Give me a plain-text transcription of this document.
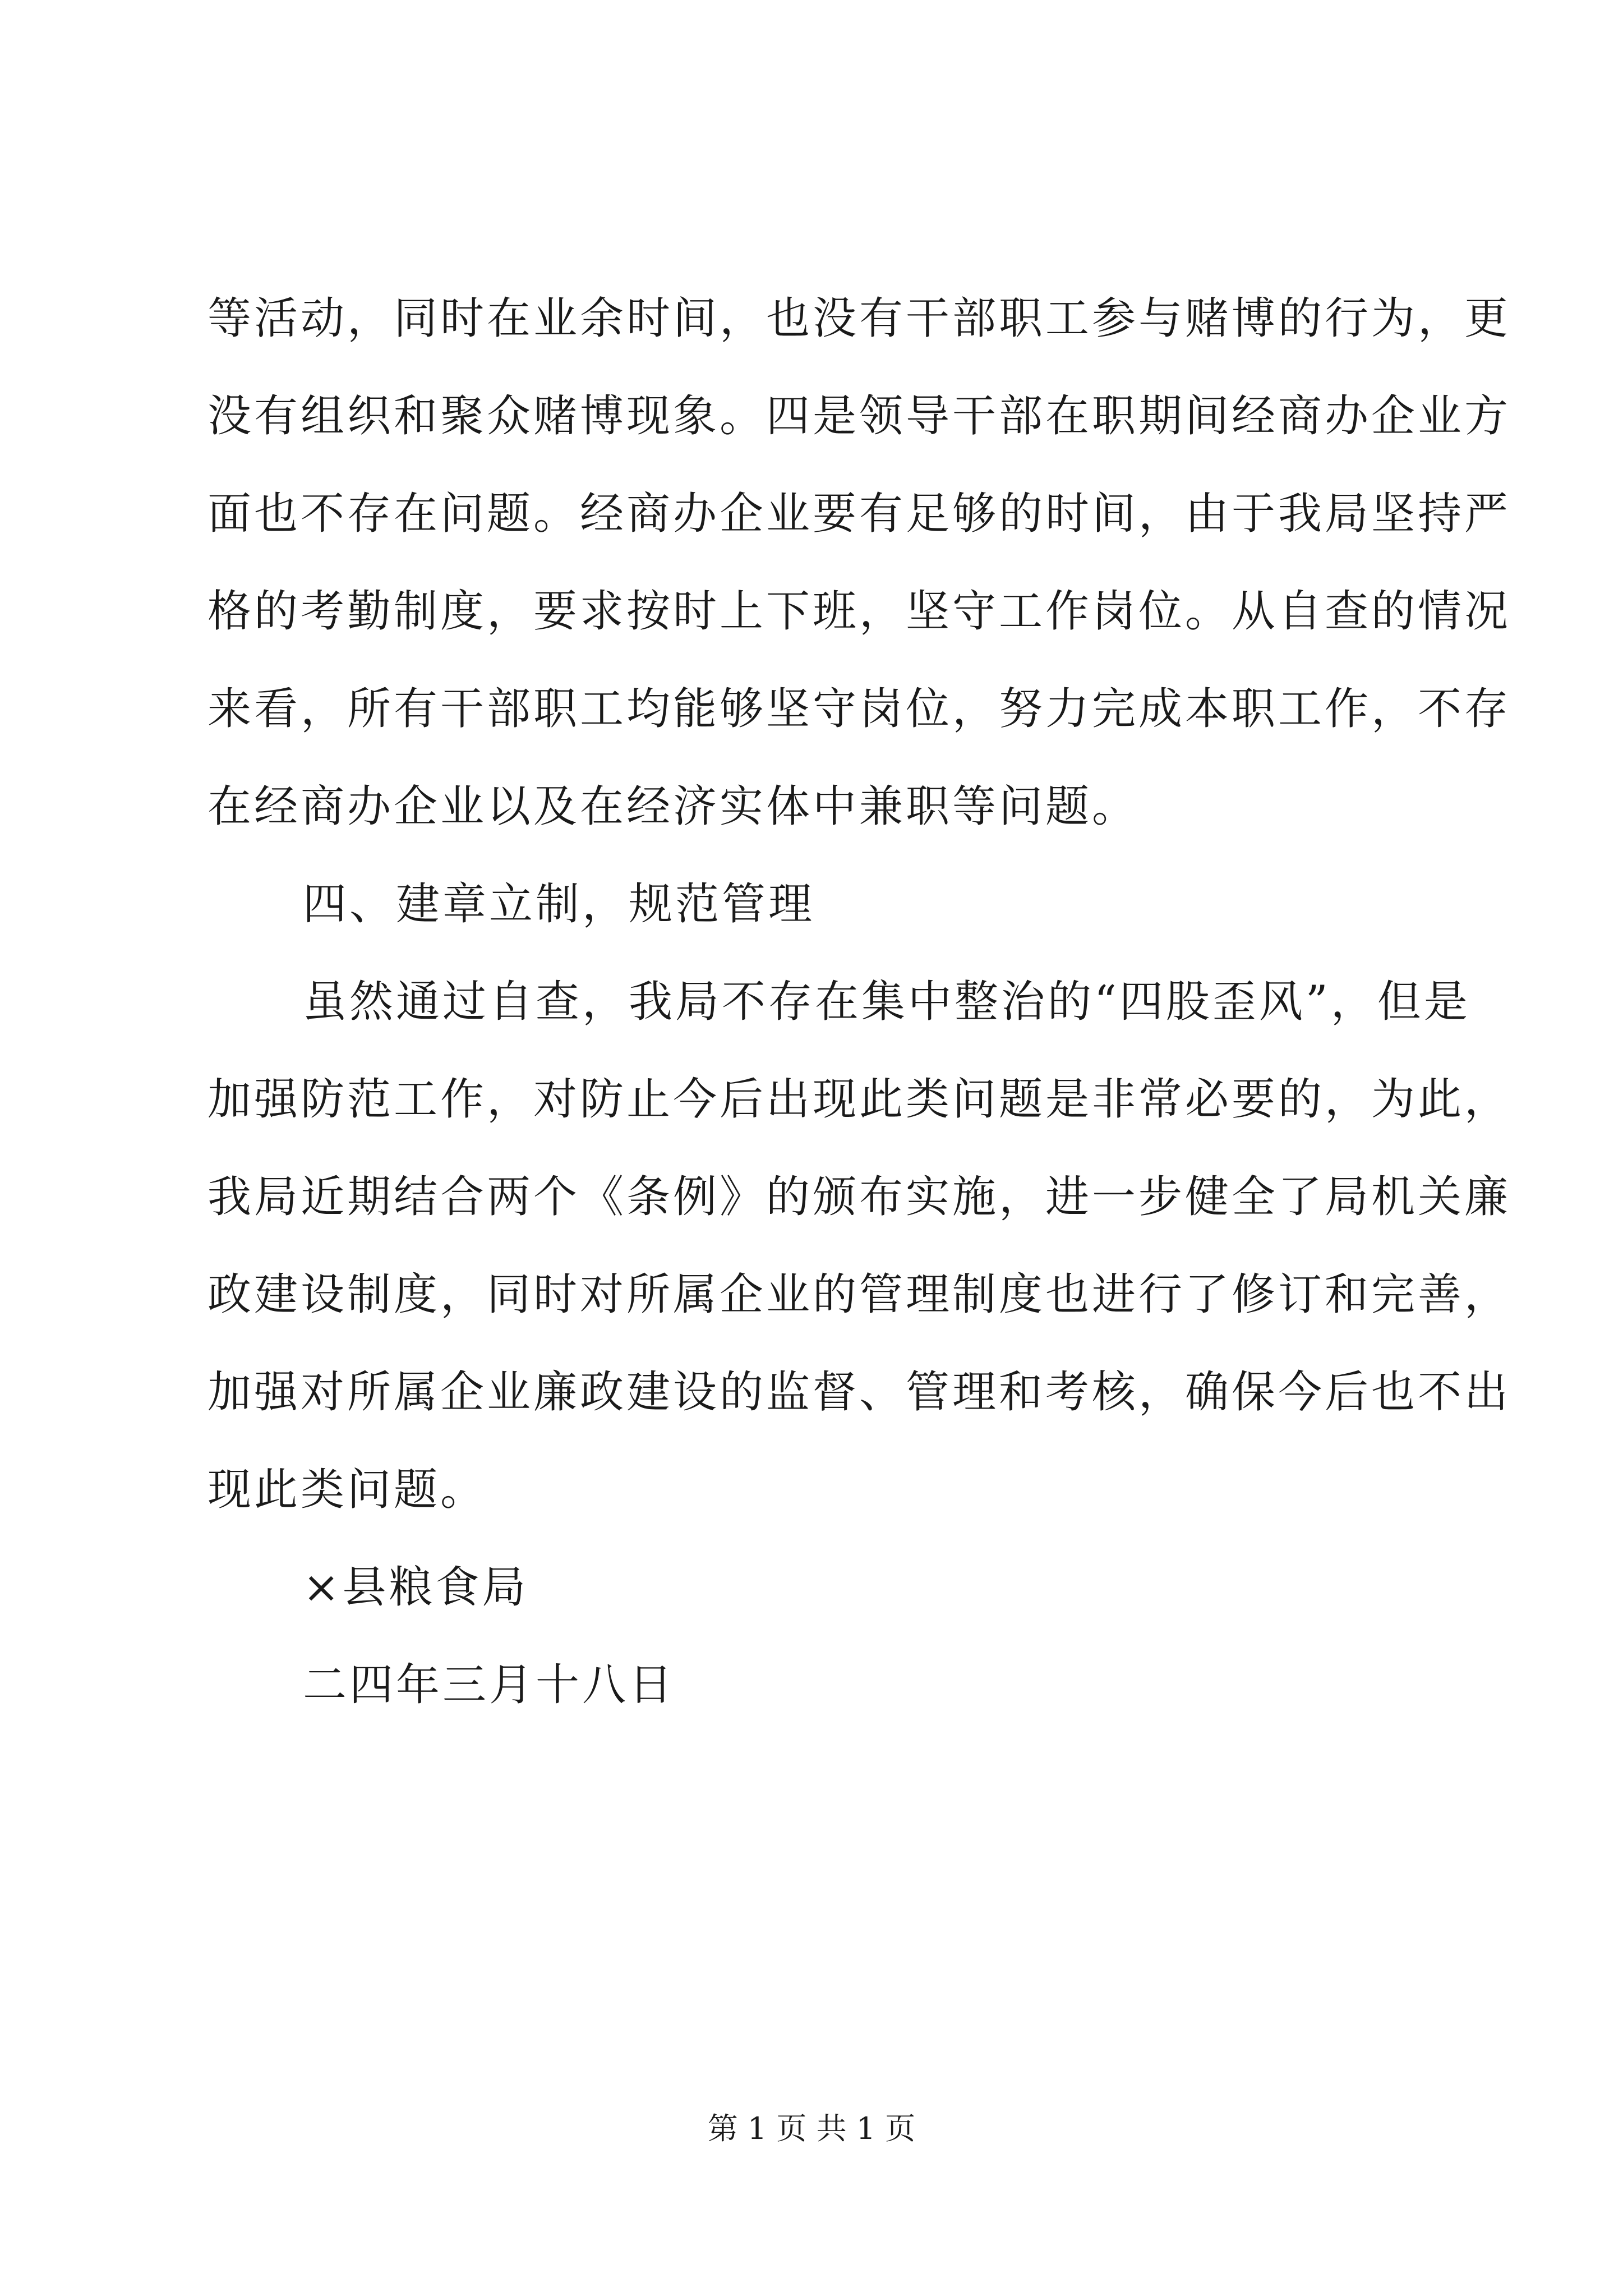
等活动，同时在业余时间，也没有干部职工参与赌博的行为，更
没有组织和聚众赌博现象。四是领导干部在职期间经商办企业方
面也不存在问题。经商办企业要有足够的时间，由于我局坚持严
格的考勤制度，要求按时上下班，坚守工作岗位。从自查的情况
来看，所有干部职工均能够坚守岗位，努力完成本职工作，不存
在经商办企业以及在经济实体中兼职等问题。
四、建章立制，规范管理
虽然通过自查，我局不存在集中整治的“四股歪风”，但是
加强防范工作，对防止今后出现此类问题是非常必要的，为此，
我局近期结合两个《条例》的颁布实施，进一步健全了局机关廉
政建设制度，同时对所属企业的管理制度也进行了修订和完善，
加强对所属企业廉政建设的监督、管理和考核，确保今后也不出
现此类问题。
×县粮食局
二四年三月十八日
第 1 页 共 1 页
